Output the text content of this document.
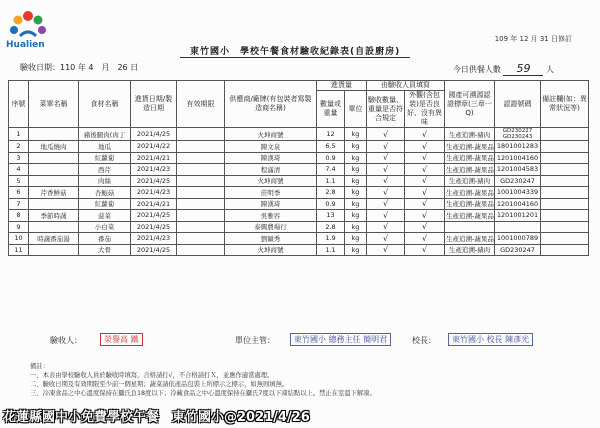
Hualien
109 年 12 月 31 日修訂
東竹國小　學校午餐食材驗收紀錄表(自設廚房)
驗收日期：110 年 4　月　26 日	今日供餐人數 59 人
序號	菜單名稱	食材名稱	進貨日期/製造日期	有效期限	供應商/廠牌(有包裝者寫製造商名稱)	進貨量		由驗收人員填寫		國產可溯源認證標章(三章一Q)	認證號碼	備註欄(如：異常狀況等)
						數量或重量	單位	驗收數量、重量是否符合規定	外觀(含包裝)是否良好、沒有異味			
1		豬後腿肉(肉丁	2021/4/25		火坤商號	12	kg	√	√	生產追溯-豬肉	GD230227
GD230243	
2	地瓜燒肉	地瓜	2021/4/22		陳文泉	6.5	kg	√	√	生產追溯-蔬果品	1801001283	
3		紅蘿蔔	2021/4/21		陳漢琦	0.9	kg	√	√	生產追溯-蔬果品	1201004160	
4		西芹	2021/4/23		程滿清	7.4	kg	√	√	生產追溯-蔬果品	1201004583	
5		肉絲	2021/4/25		火坤商號	1.1	kg	√	√	生產追溯-豬肉	GD230247	
6	芹香鮮菇	杏鮑菇	2021/4/23		莊明季	2.8	kg	√	√	生產追溯-蔬果品	1001004339	
7		紅蘿蔔	2021/4/21		陳漢琦	0.9	kg	√	√	生產追溯-蔬果品	1201004160	
8	季節時蔬	菠菜	2021/4/25		吳雅容	13	kg	√	√	生產追溯-蔬果品	1201001201	
9		小白菜	2021/4/25		泰興農場行	2.8	kg	√	√			
10	時蔬番茄湯	番茄	2021/4/23		劉穎秀	1.9	kg	√	√	生產追溯-蔬果品	1001000789	
11		大骨	2021/4/25		火坤商號	1.1	kg	√	√	生產追溯-豬肉	GD230247	
驗收人：	榮譽高 鐵	單位主管：	東竹國小 總務主任 簡明君	校長：	東竹國小 校長 陳彥光
備註：
一、本表由學校驗收人員於驗收時填寫，合格請打√，不合格請打Ｘ，並應作適當處理。
二、驗收日期及有效期限至少前一個星期；蔬菜請依產品包裝上所標示之標示，如無則填無。
三、冷凍食品之中心溫度保持在攝氏負18度以下；冷藏食品之中心溫度保持在攝氏7度以下凍結點以上。禁止在室溫下解凍。
花蓮縣國中小免費學校午餐　東竹國小@2021/4/26
